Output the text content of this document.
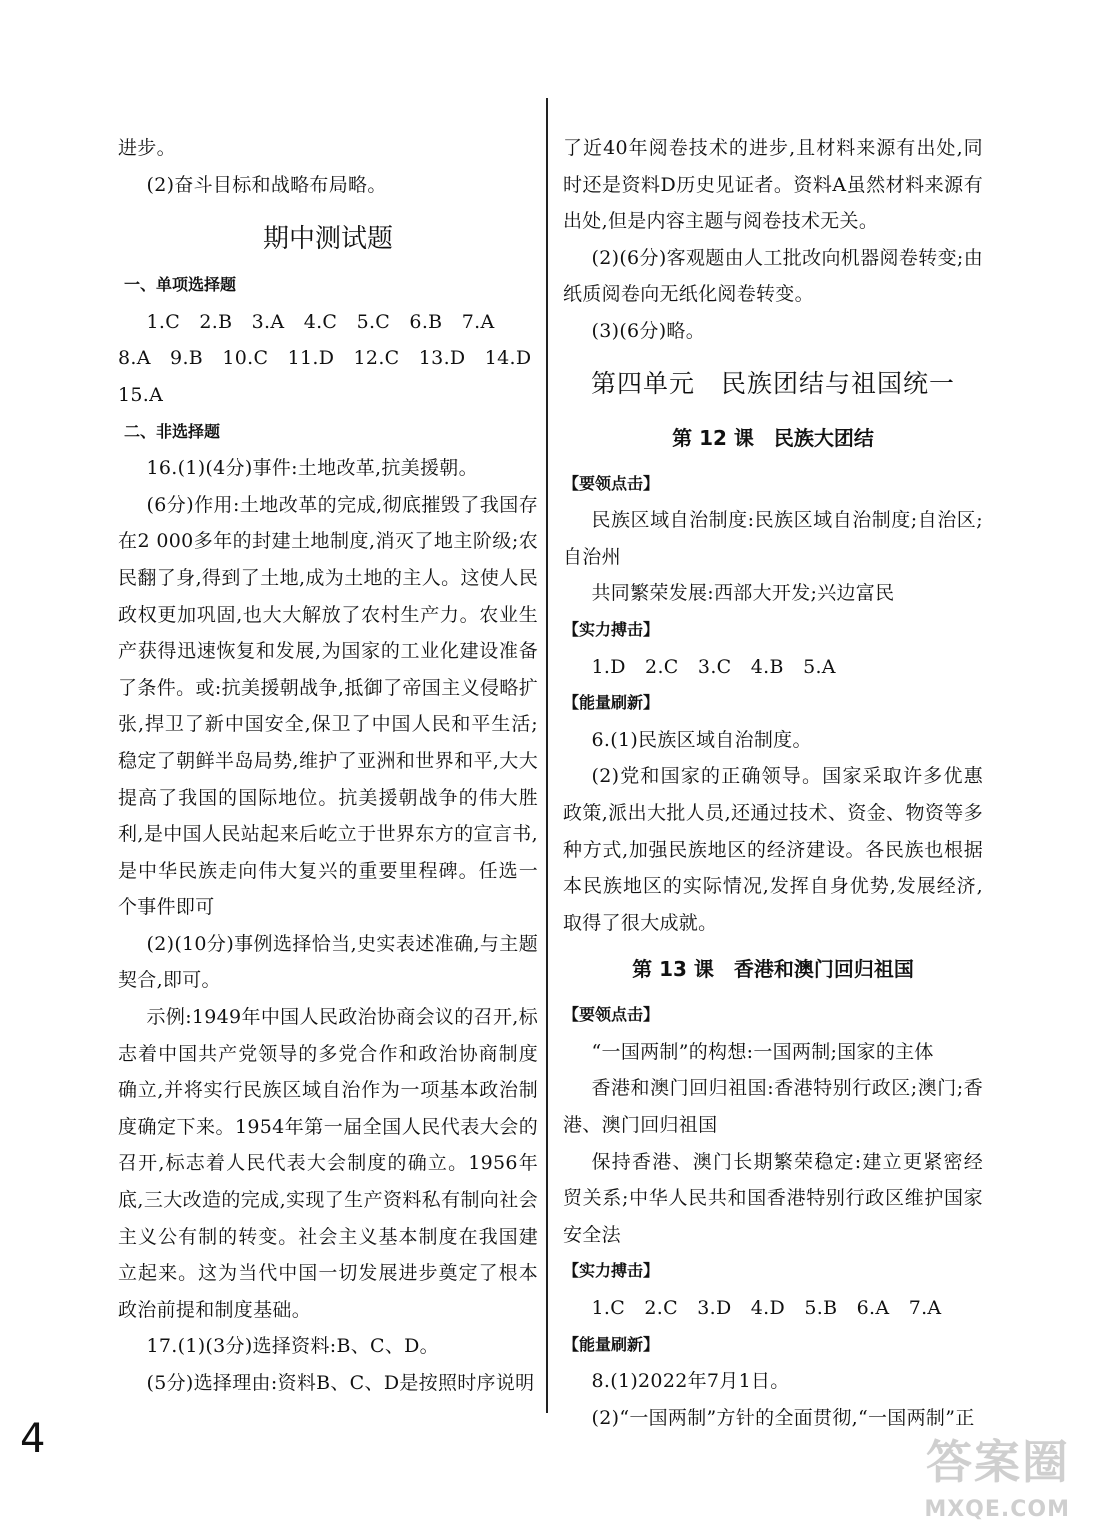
进步。

(2)奋斗目标和战略布局略。

期中测试题

一、单项选择题

1.C　2.B　3.A　4.C　5.C　6.B　7.A

8.A　9.B　10.C　11.D　12.C　13.D　14.D

15.A

二、非选择题

16.(1)(4分)事件:土地改革,抗美援朝。

(6分)作用:土地改革的完成,彻底摧毁了我国存在2 000多年的封建土地制度,消灭了地主阶级;农民翻了身,得到了土地,成为土地的主人。这使人民政权更加巩固,也大大解放了农村生产力。农业生产获得迅速恢复和发展,为国家的工业化建设准备了条件。或:抗美援朝战争,抵御了帝国主义侵略扩张,捍卫了新中国安全,保卫了中国人民和平生活;稳定了朝鲜半岛局势,维护了亚洲和世界和平,大大提高了我国的国际地位。抗美援朝战争的伟大胜利,是中国人民站起来后屹立于世界东方的宣言书,是中华民族走向伟大复兴的重要里程碑。任选一个事件即可

(2)(10分)事例选择恰当,史实表述准确,与主题契合,即可。

示例:1949年中国人民政治协商会议的召开,标志着中国共产党领导的多党合作和政治协商制度确立,并将实行民族区域自治作为一项基本政治制度确定下来。1954年第一届全国人民代表大会的召开,标志着人民代表大会制度的确立。1956年底,三大改造的完成,实现了生产资料私有制向社会主义公有制的转变。社会主义基本制度在我国建立起来。这为当代中国一切发展进步奠定了根本政治前提和制度基础。

17.(1)(3分)选择资料:B、C、D。

(5分)选择理由:资料B、C、D是按照时序说明

了近40年阅卷技术的进步,且材料来源有出处,同时还是资料D历史见证者。资料A虽然材料来源有出处,但是内容主题与阅卷技术无关。

(2)(6分)客观题由人工批改向机器阅卷转变;由纸质阅卷向无纸化阅卷转变。

(3)(6分)略。

第四单元　民族团结与祖国统一
第 12 课　民族大团结

【要领点击】

民族区域自治制度:民族区域自治制度;自治区;自治州

共同繁荣发展:西部大开发;兴边富民

【实力搏击】

1.D　2.C　3.C　4.B　5.A

【能量刷新】

6.(1)民族区域自治制度。

(2)党和国家的正确领导。国家采取许多优惠政策,派出大批人员,还通过技术、资金、物资等多种方式,加强民族地区的经济建设。各民族也根据本民族地区的实际情况,发挥自身优势,发展经济,取得了很大成就。

第 13 课　香港和澳门回归祖国

【要领点击】

“一国两制”的构想:一国两制;国家的主体

香港和澳门回归祖国:香港特别行政区;澳门;香港、澳门回归祖国

保持香港、澳门长期繁荣稳定:建立更紧密经贸关系;中华人民共和国香港特别行政区维护国家安全法

【实力搏击】

1.C　2.C　3.D　4.D　5.B　6.A　7.A

【能量刷新】

8.(1)2022年7月1日。

(2)“一国两制”方针的全面贯彻,“一国两制”正

4	答案圈
MXQE.COM
